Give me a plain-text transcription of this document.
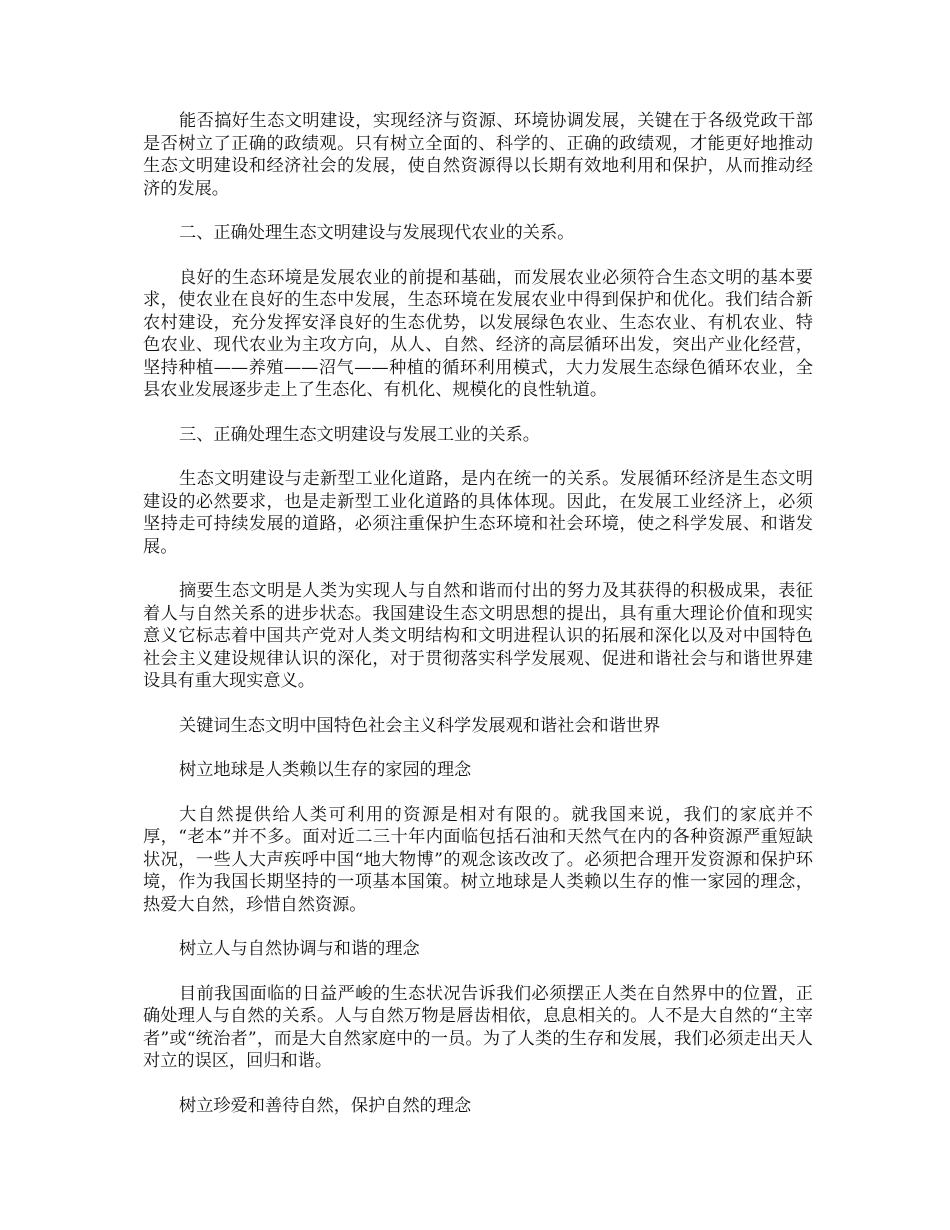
能否搞好生态文明建设，实现经济与资源、环境协调发展，关键在于各级党政干部是否树立了正确的政绩观。只有树立全面的、科学的、正确的政绩观，才能更好地推动生态文明建设和经济社会的发展，使自然资源得以长期有效地利用和保护，从而推动经济的发展。

二、正确处理生态文明建设与发展现代农业的关系。

良好的生态环境是发展农业的前提和基础，而发展农业必须符合生态文明的基本要求，使农业在良好的生态中发展，生态环境在发展农业中得到保护和优化。我们结合新农村建设，充分发挥安泽良好的生态优势，以发展绿色农业、生态农业、有机农业、特色农业、现代农业为主攻方向，从人、自然、经济的高层循环出发，突出产业化经营，坚持种植——养殖——沼气——种植的循环利用模式，大力发展生态绿色循环农业，全县农业发展逐步走上了生态化、有机化、规模化的良性轨道。

三、正确处理生态文明建设与发展工业的关系。

生态文明建设与走新型工业化道路，是内在统一的关系。发展循环经济是生态文明建设的必然要求，也是走新型工业化道路的具体体现。因此，在发展工业经济上，必须坚持走可持续发展的道路，必须注重保护生态环境和社会环境，使之科学发展、和谐发展。

摘要生态文明是人类为实现人与自然和谐而付出的努力及其获得的积极成果，表征着人与自然关系的进步状态。我国建设生态文明思想的提出，具有重大理论价值和现实意义它标志着中国共产党对人类文明结构和文明进程认识的拓展和深化以及对中国特色社会主义建设规律认识的深化，对于贯彻落实科学发展观、促进和谐社会与和谐世界建设具有重大现实意义。

关键词生态文明中国特色社会主义科学发展观和谐社会和谐世界

树立地球是人类赖以生存的家园的理念

大自然提供给人类可利用的资源是相对有限的。就我国来说，我们的家底并不厚，“老本”并不多。面对近二三十年内面临包括石油和天然气在内的各种资源严重短缺状况，一些人大声疾呼中国“地大物博”的观念该改改了。必须把合理开发资源和保护环境，作为我国长期坚持的一项基本国策。树立地球是人类赖以生存的惟一家园的理念，热爱大自然，珍惜自然资源。

树立人与自然协调与和谐的理念

目前我国面临的日益严峻的生态状况告诉我们必须摆正人类在自然界中的位置，正确处理人与自然的关系。人与自然万物是唇齿相依，息息相关的。人不是大自然的“主宰者”或“统治者”，而是大自然家庭中的一员。为了人类的生存和发展，我们必须走出天人对立的误区，回归和谐。

树立珍爱和善待自然，保护自然的理念
